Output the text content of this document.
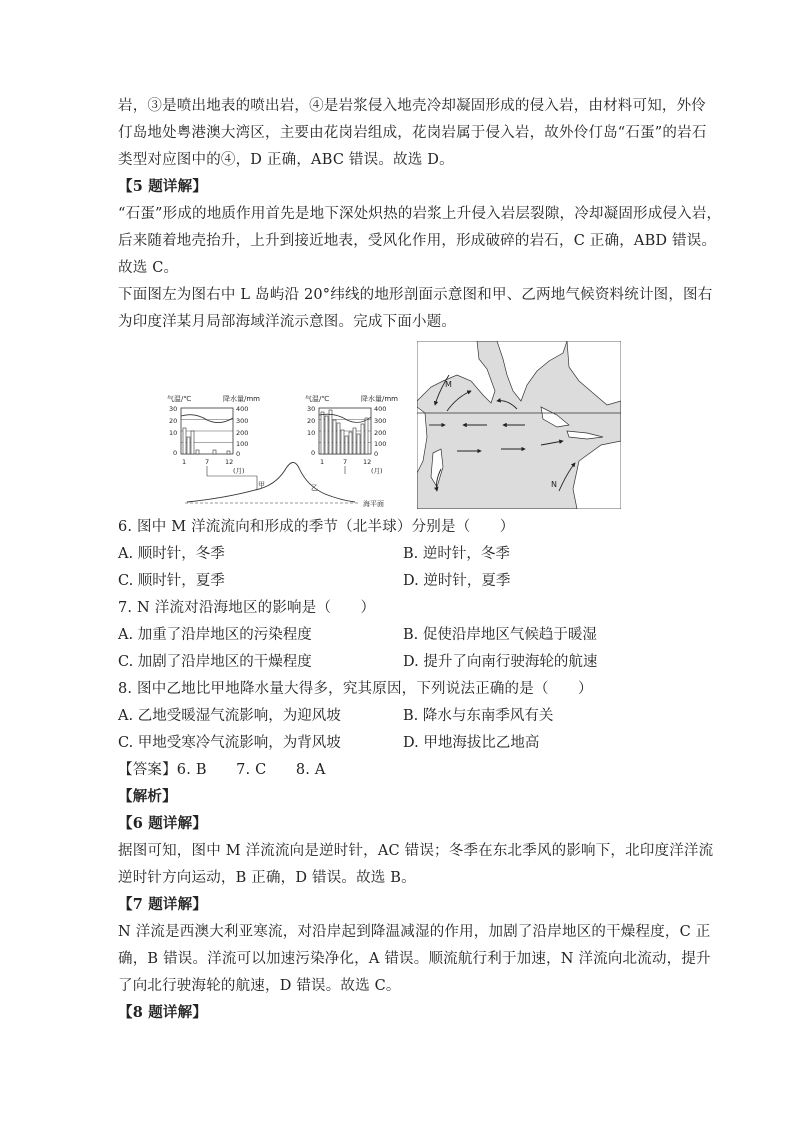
岩，③是喷出地表的喷出岩，④是岩浆侵入地壳冷却凝固形成的侵入岩，由材料可知，外伶
仃岛地处粤港澳大湾区，主要由花岗岩组成，花岗岩属于侵入岩，故外伶仃岛“石蛋”的岩石
类型对应图中的④，D 正确，ABC 错误。故选 D。
【5 题详解】
“石蛋”形成的地质作用首先是地下深处炽热的岩浆上升侵入岩层裂隙，冷却凝固形成侵入岩，
后来随着地壳抬升，上升到接近地表，受风化作用，形成破碎的岩石，C 正确，ABD 错误。
故选 C。
下面图左为图右中 L 岛屿沿 20°纬线的地形剖面示意图和甲、乙两地气候资料统计图，图右
为印度洋某月局部海域洋流示意图。完成下面小题。
气温/℃	降水量/mm
30
20
10
0
400
300
200
100
0
1	7 12
(月)
气温/℃	降水量/mm
30
20
10
0
400
300
200
100
0
1	7 12
(月)
甲	乙
海平面
M
N
6. 图中 M 洋流流向和形成的季节（北半球）分别是（　　）
A. 顺时针，冬季	B. 逆时针，冬季
C. 顺时针，夏季	D. 逆时针，夏季
7. N 洋流对沿海地区的影响是（　　）
A. 加重了沿岸地区的污染程度	B. 促使沿岸地区气候趋于暖湿
C. 加剧了沿岸地区的干燥程度	D. 提升了向南行驶海轮的航速
8. 图中乙地比甲地降水量大得多，究其原因，下列说法正确的是（　　）
A. 乙地受暖湿气流影响，为迎风坡	B. 降水与东南季风有关
C. 甲地受寒冷气流影响，为背风坡	D. 甲地海拔比乙地高
【答案】6. B　　7. C　　8. A
【解析】
【6 题详解】
据图可知，图中 M 洋流流向是逆时针，AC 错误；冬季在东北季风的影响下，北印度洋洋流
逆时针方向运动，B 正确，D 错误。故选 B。
【7 题详解】
N 洋流是西澳大利亚寒流，对沿岸起到降温减湿的作用，加剧了沿岸地区的干燥程度，C 正
确，B 错误。洋流可以加速污染净化，A 错误。顺流航行利于加速，N 洋流向北流动，提升
了向北行驶海轮的航速，D 错误。故选 C。
【8 题详解】
